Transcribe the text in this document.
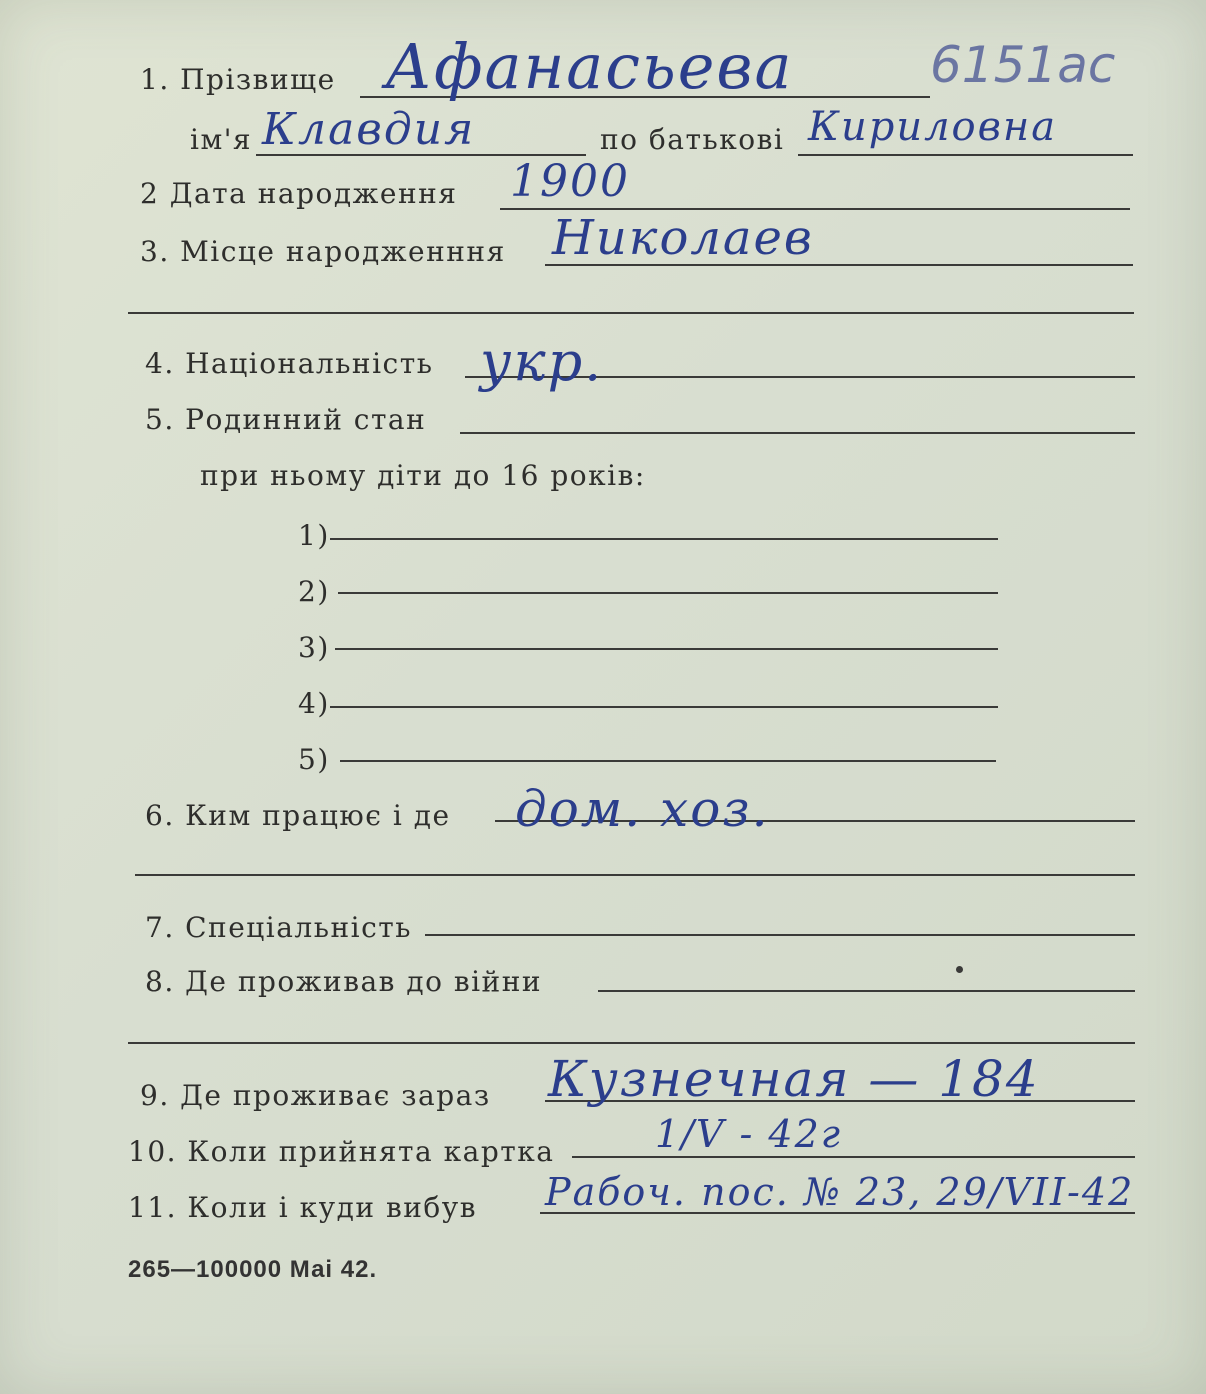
1. Прізвище Афанасьева	6151ас
ім'я Клавдия	по батькові Кириловна
2 Дата народження 1900
3. Місце народженння Николаев
4. Національність укр.
5. Родинний стан
при ньому діти до 16 років:
1)
2)
3)
4)
5)
6. Ким працює і де дом. хоз.
7. Спеціальність
8. Де проживав до війни
9. Де проживає зараз Кузнечная — 184
10. Коли прийнята картка	1/V - 42г
11. Коли і куди вибув Рабоч. пос. № 23, 29/VII-42
265—100000 Маі 42.
